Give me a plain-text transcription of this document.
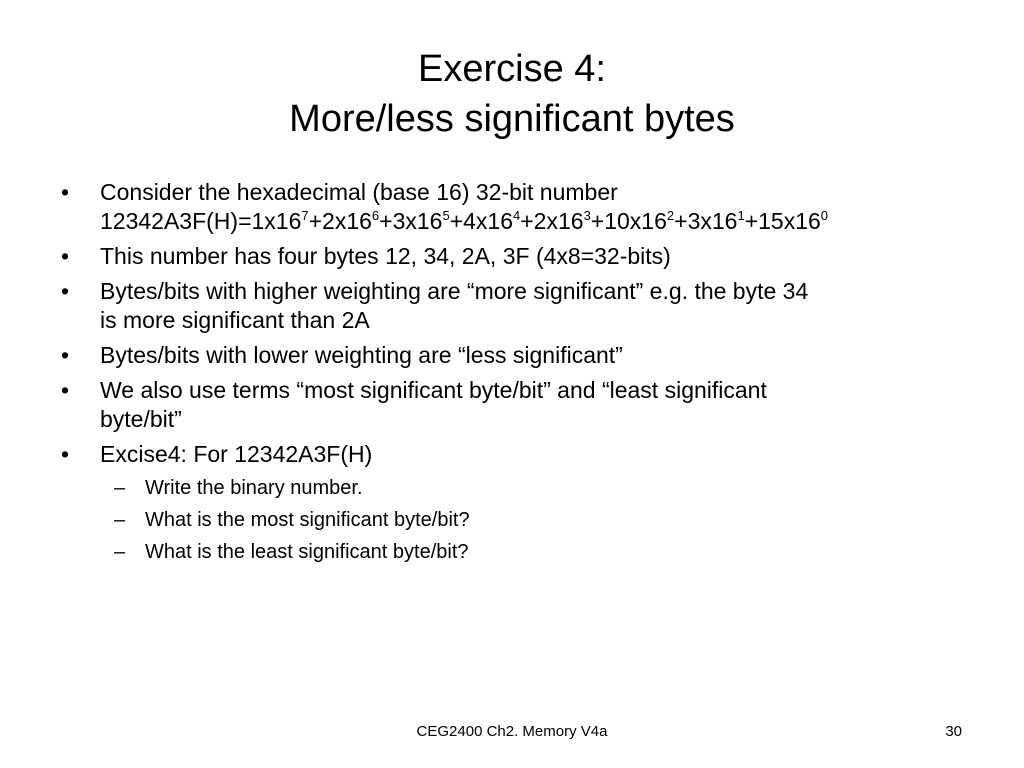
Exercise 4:
More/less significant bytes
• Consider the hexadecimal (base 16) 32-bit number
$12342A3F(H)=1x16^7+2x16^6+3x16^5+4x16^4+2x16^3+10x16^2+3x16^1+15x16^0$
• This number has four bytes 12, 34, 2A, 3F (4x8=32-bits)
• Bytes/bits with higher weighting are “more significant” e.g. the byte 34
is more significant than 2A
• Bytes/bits with lower weighting are “less significant”
• We also use terms “most significant byte/bit” and “least significant
byte/bit”
• Excise4: For 12342A3F(H)
– Write the binary number.
– What is the most significant byte/bit?
– What is the least significant byte/bit?
CEG2400 Ch2. Memory V4a	30
